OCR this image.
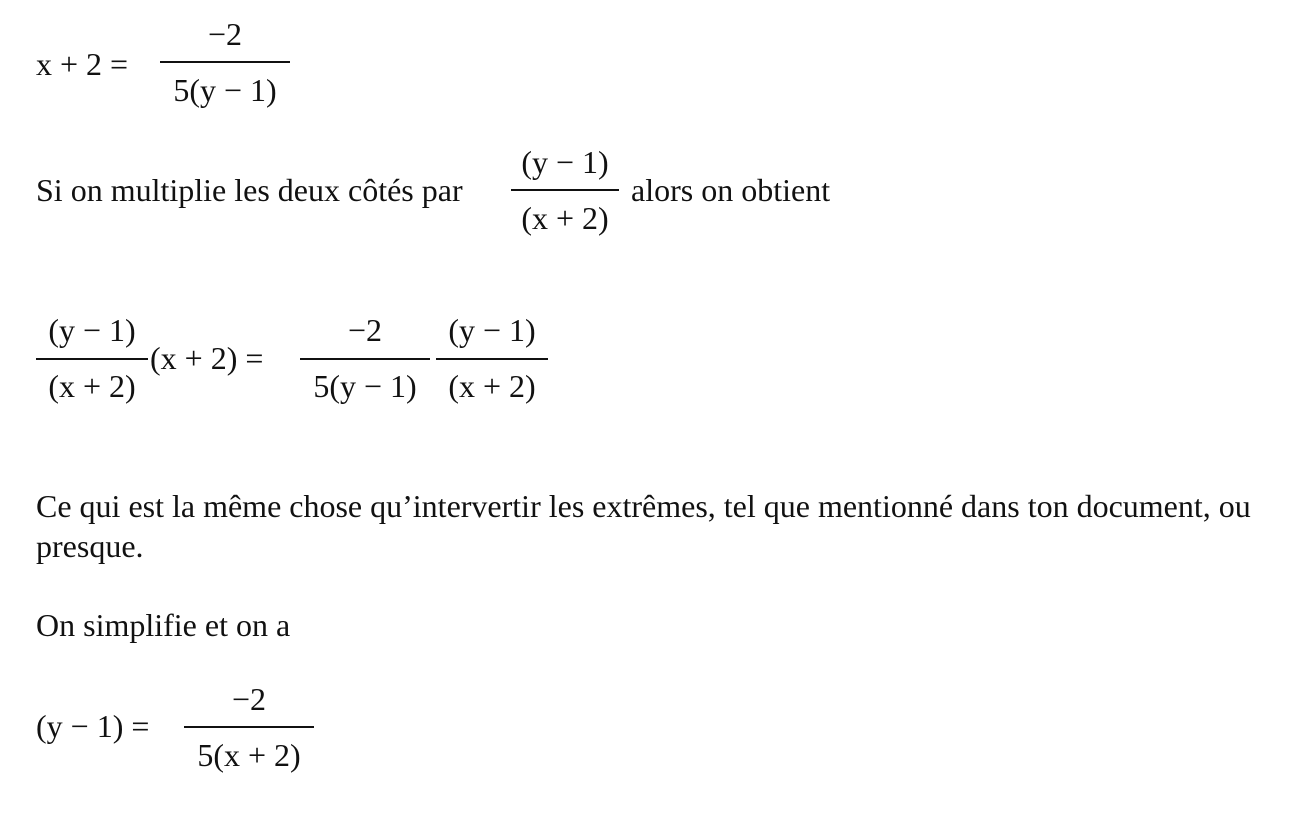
x + 2 =
−2
5(y − 1)
Si on multiplie les deux côtés par
(y − 1)
(x + 2)
alors on obtient
(y − 1)
(x + 2)
(x + 2) =
−2
5(y − 1)
(y − 1)
(x + 2)
Ce qui est la même chose qu’intervertir les extrêmes, tel que mentionné dans ton document, ou presque.
On simplifie et on a
(y − 1) =
−2
5(x + 2)
